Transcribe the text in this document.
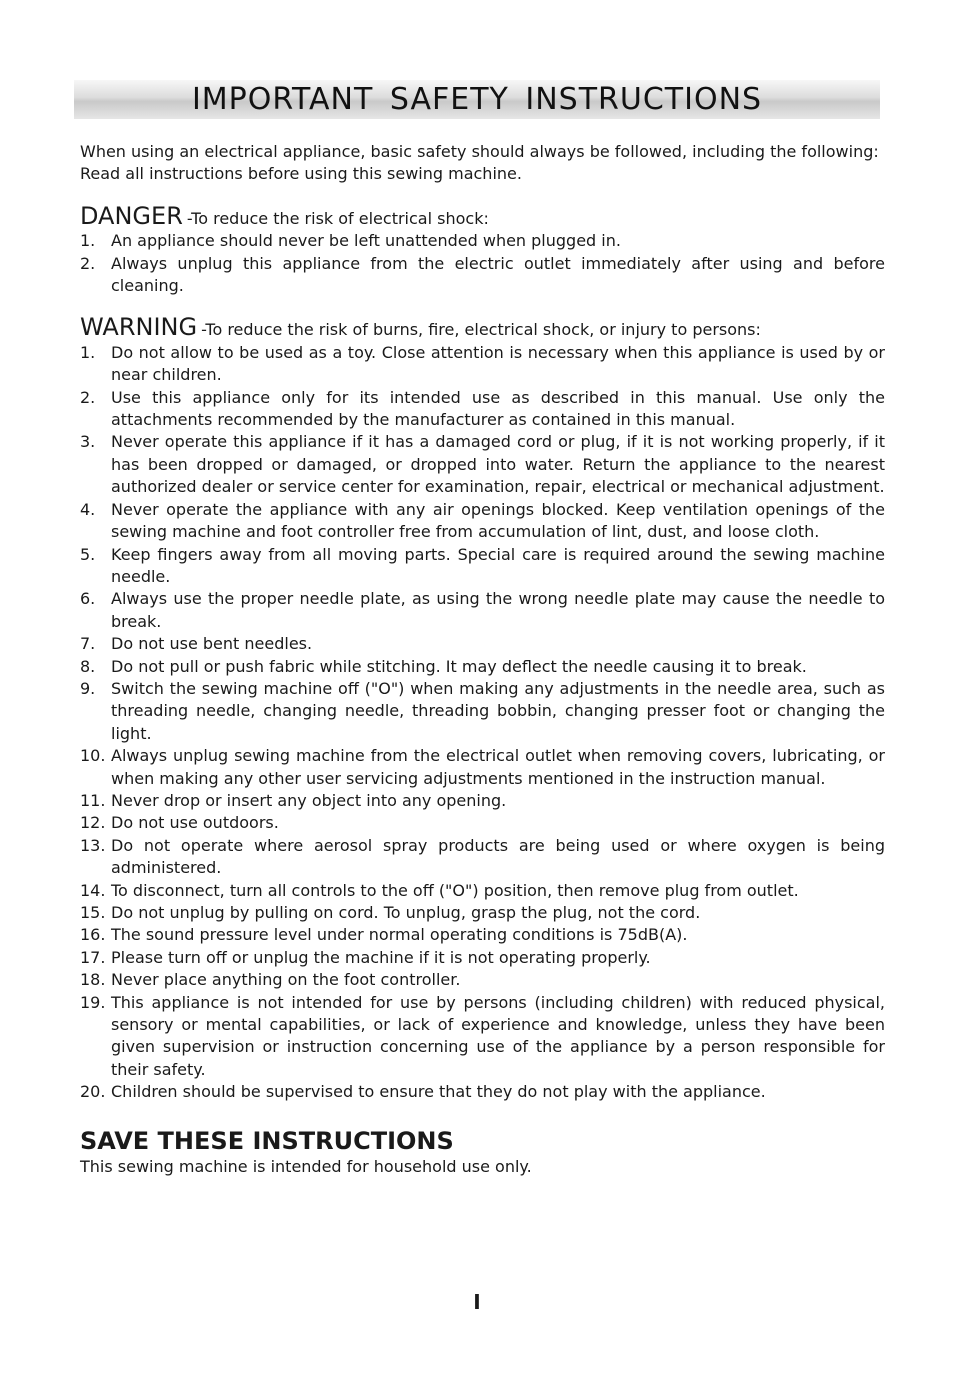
IMPORTANT SAFETY INSTRUCTIONS

When using an electrical appliance, basic safety should always be followed, including the following:

Read all instructions before using this sewing machine.

DANGER -To reduce the risk of electrical shock:
1. An appliance should never be left unattended when plugged in.
2. Always unplug this appliance from the electric outlet immediately after using and before cleaning.
WARNING -To reduce the risk of burns, fire, electrical shock, or injury to persons:
1. Do not allow to be used as a toy. Close attention is necessary when this appliance is used by or near children.
2. Use this appliance only for its intended use as described in this manual. Use only the attachments recommended by the manufacturer as contained in this manual.
3. Never operate this appliance if it has a damaged cord or plug, if it is not working properly, if it has been dropped or damaged, or dropped into water. Return the appliance to the nearest authorized dealer or service center for examination, repair, electrical or mechanical adjustment.
4. Never operate the appliance with any air openings blocked. Keep ventilation openings of the sewing machine and foot controller free from accumulation of lint, dust, and loose cloth.
5. Keep fingers away from all moving parts. Special care is required around the sewing machine needle.
6. Always use the proper needle plate, as using the wrong needle plate may cause the needle to break.
7. Do not use bent needles.
8. Do not pull or push fabric while stitching. It may deflect the needle causing it to break.
9. Switch the sewing machine off ("O") when making any adjustments in the needle area, such as threading needle, changing needle, threading bobbin, changing presser foot or changing the light.
10. Always unplug sewing machine from the electrical outlet when removing covers, lubricating, or when making any other user servicing adjustments mentioned in the instruction manual.
11. Never drop or insert any object into any opening.
12. Do not use outdoors.
13. Do not operate where aerosol spray products are being used or where oxygen is being administered.
14. To disconnect, turn all controls to the off ("O") position, then remove plug from outlet.
15. Do not unplug by pulling on cord. To unplug, grasp the plug, not the cord.
16. The sound pressure level under normal operating conditions is 75dB(A).
17. Please turn off or unplug the machine if it is not operating properly.
18. Never place anything on the foot controller.
19. This appliance is not intended for use by persons (including children) with reduced physical, sensory or mental capabilities, or lack of experience and knowledge, unless they have been given supervision or instruction concerning use of the appliance by a person responsible for their safety.
20. Children should be supervised to ensure that they do not play with the appliance.
SAVE THESE INSTRUCTIONS

This sewing machine is intended for household use only.

I
